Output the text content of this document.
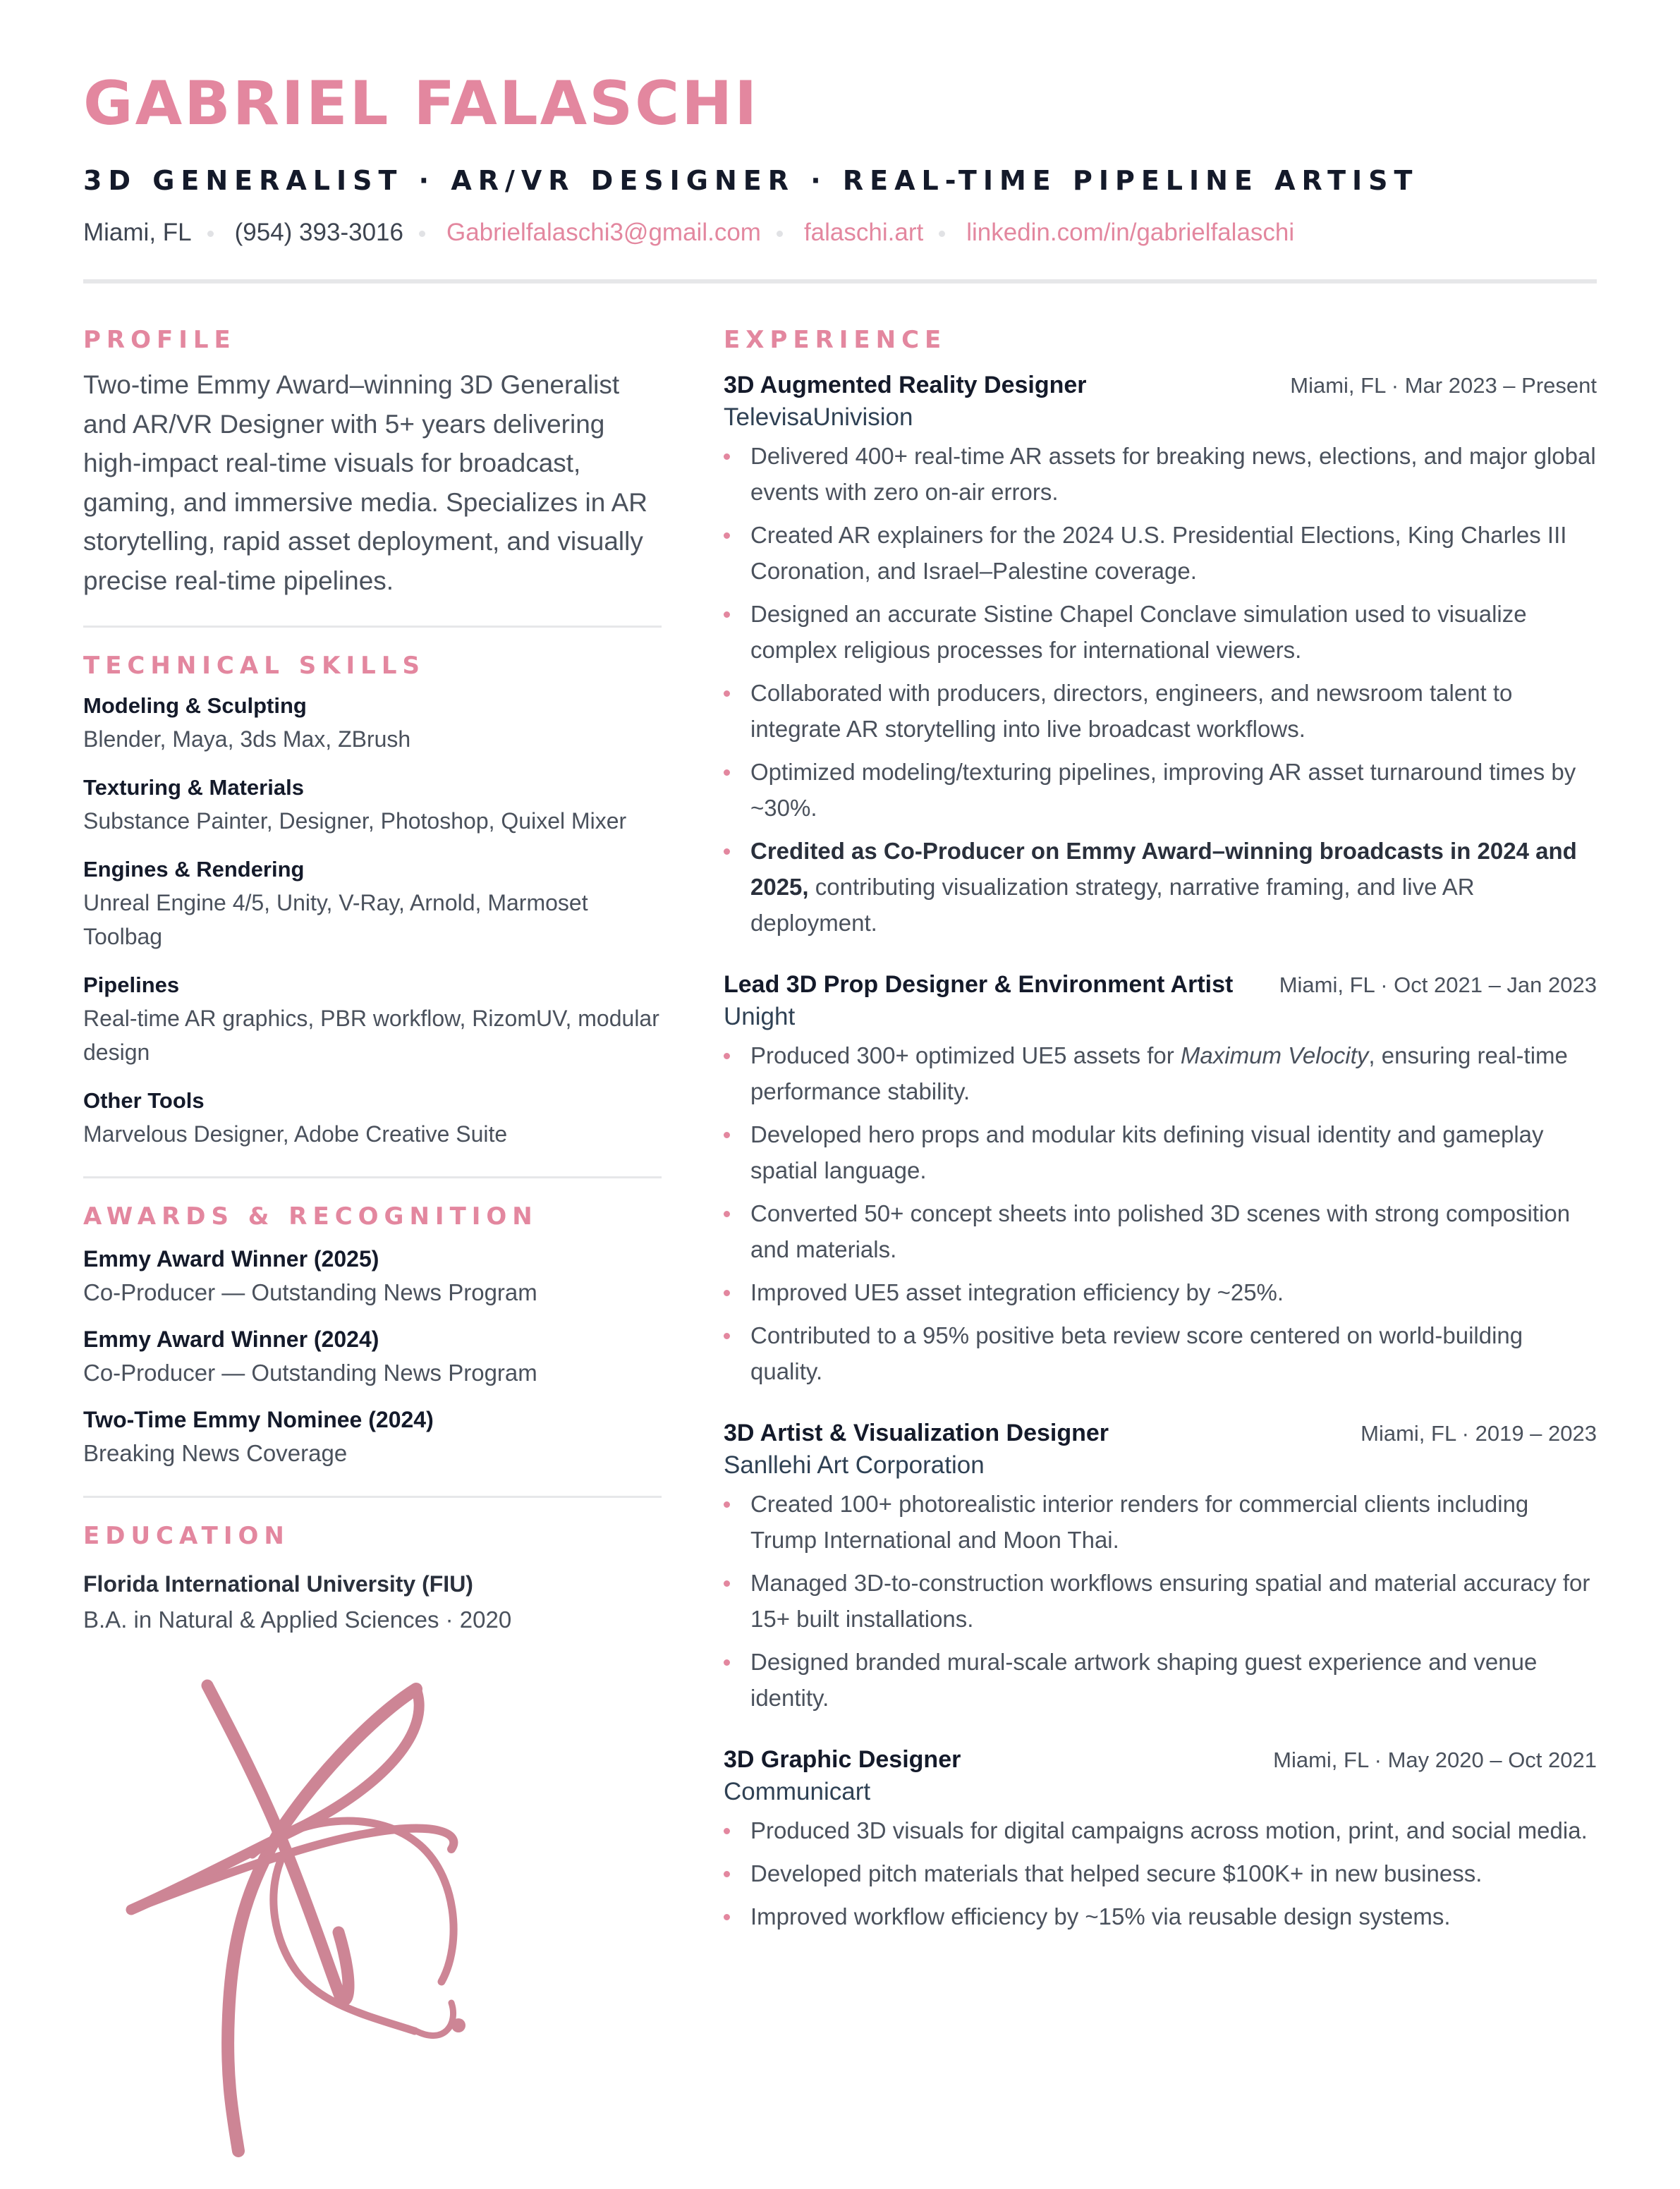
GABRIEL FALASCHI
3D GENERALIST · AR/VR DESIGNER · REAL-TIME PIPELINE ARTIST
Miami, FL (954) 393-3016 Gabrielfalaschi3@gmail.com falaschi.art linkedin.com/in/gabrielfalaschi
PROFILE
Two-time Emmy Award–winning 3D Generalist and AR/VR Designer with 5+ years delivering high-impact real-time visuals for broadcast, gaming, and immersive media. Specializes in AR storytelling, rapid asset deployment, and visually precise real-time pipelines.
TECHNICAL SKILLS
Modeling & Sculpting
Blender, Maya, 3ds Max, ZBrush
Texturing & Materials
Substance Painter, Designer, Photoshop, Quixel Mixer
Engines & Rendering
Unreal Engine 4/5, Unity, V-Ray, Arnold, Marmoset Toolbag
Pipelines
Real-time AR graphics, PBR workflow, RizomUV, modular design
Other Tools
Marvelous Designer, Adobe Creative Suite
AWARDS & RECOGNITION
Emmy Award Winner (2025)
Co-Producer — Outstanding News Program
Emmy Award Winner (2024)
Co-Producer — Outstanding News Program
Two-Time Emmy Nominee (2024)
Breaking News Coverage
EDUCATION
Florida International University (FIU)
B.A. in Natural & Applied Sciences · 2020
EXPERIENCE
3D Augmented Reality Designer	Miami, FL · Mar 2023 – Present
TelevisaUnivision
Delivered 400+ real-time AR assets for breaking news, elections, and major global events with zero on-air errors.
Created AR explainers for the 2024 U.S. Presidential Elections, King Charles III Coronation, and Israel–Palestine coverage.
Designed an accurate Sistine Chapel Conclave simulation used to visualize complex religious processes for international viewers.
Collaborated with producers, directors, engineers, and newsroom talent to integrate AR storytelling into live broadcast workflows.
Optimized modeling/texturing pipelines, improving AR asset turnaround times by ~30%.
Credited as Co-Producer on Emmy Award–winning broadcasts in 2024 and 2025, contributing visualization strategy, narrative framing, and live AR deployment.
Lead 3D Prop Designer & Environment Artist Miami, FL · Oct 2021 – Jan 2023
Unight
Produced 300+ optimized UE5 assets for Maximum Velocity, ensuring real-time performance stability.
Developed hero props and modular kits defining visual identity and gameplay spatial language.
Converted 50+ concept sheets into polished 3D scenes with strong composition and materials.
Improved UE5 asset integration efficiency by ~25%.
Contributed to a 95% positive beta review score centered on world-building quality.
3D Artist & Visualization Designer	Miami, FL · 2019 – 2023
Sanllehi Art Corporation
Created 100+ photorealistic interior renders for commercial clients including Trump International and Moon Thai.
Managed 3D-to-construction workflows ensuring spatial and material accuracy for 15+ built installations.
Designed branded mural-scale artwork shaping guest experience and venue identity.
3D Graphic Designer	Miami, FL · May 2020 – Oct 2021
Communicart
Produced 3D visuals for digital campaigns across motion, print, and social media.
Developed pitch materials that helped secure $100K+ in new business.
Improved workflow efficiency by ~15% via reusable design systems.
